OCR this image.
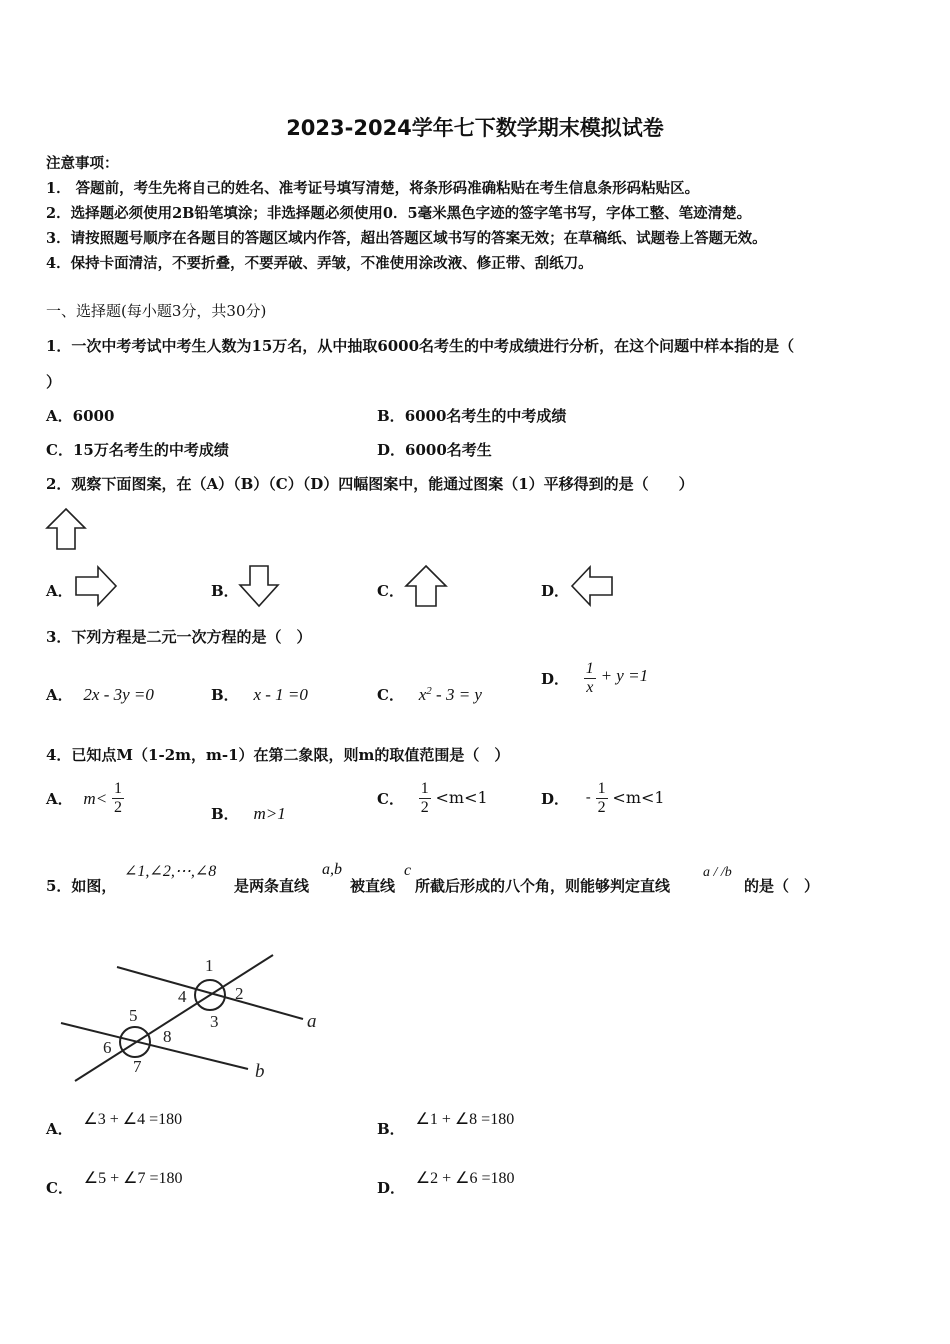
2023-2024学年七下数学期末模拟试卷
注意事项：
1． 答题前，考生先将自己的姓名、准考证号填写清楚，将条形码准确粘贴在考生信息条形码粘贴区。
2．选择题必须使用2B铅笔填涂；非选择题必须使用0．5毫米黑色字迹的签字笔书写，字体工整、笔迹清楚。
3．请按照题号顺序在各题目的答题区域内作答，超出答题区域书写的答案无效；在草稿纸、试题卷上答题无效。
4．保持卡面清洁，不要折叠，不要弄破、弄皱，不准使用涂改液、修正带、刮纸刀。
一、选择题(每小题3分，共30分)
1．一次中考考试中考生人数为15万名，从中抽取6000名考生的中考成绩进行分析，在这个问题中样本指的是（
）
A．6000	B．6000名考生的中考成绩
C．15万名考生的中考成绩	D．6000名考生
2．观察下面图案，在（A）（B）（C）（D）四幅图案中，能通过图案（1）平移得到的是（　　）
A．	B．	C．	D．
3．下列方程是二元一次方程的是（　）
A． 2x - 3y =0	B． x - 1 =0	C． $x^2 - 3 = y$
D． $\frac{1}{x} + y =1$
4．已知点M（1-2m，m-1）在第二象限，则m的取值范围是（　）
A． $m< \frac{1}{2}$	B． m>1
C． $\frac{1}{2} <m<1$	D． - $\frac{1}{2} <m<1$
5．如图，
∠1,∠2,⋯,∠8
是两条直线
a,b
被直线
c
所截后形成的八个角，则能够判定直线
a / /b
的是（　）
1
2
3
4
5
6
7
8
a
b
A． ∠3 + ∠4 =180
B． ∠1 + ∠8 =180
C． ∠5 + ∠7 =180
D． ∠2 + ∠6 =180
